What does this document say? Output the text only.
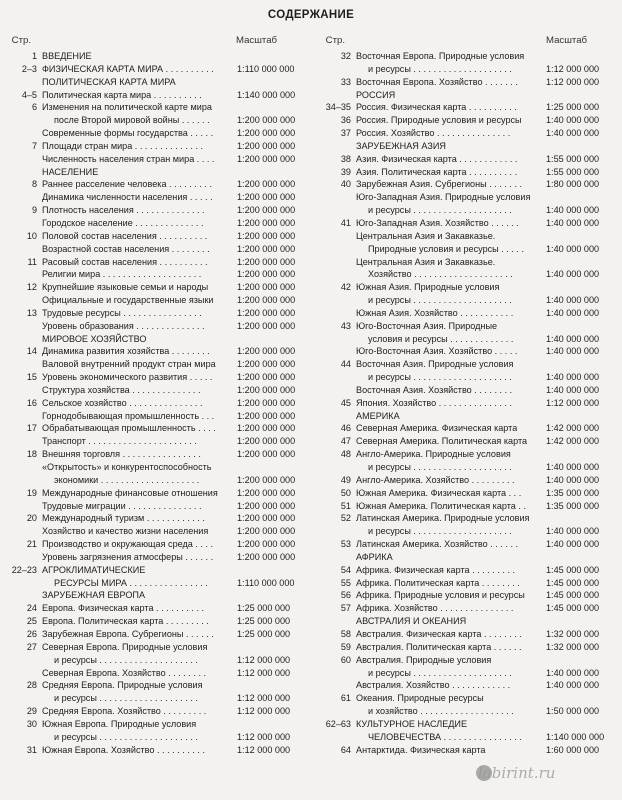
СОДЕРЖАНИЕ
Стр.	Масштаб
1 ВВЕДЕНИЕ
2–3 ФИЗИЧЕСКАЯ КАРТА МИРА . . . . . . . . . .	1:110 000 000
ПОЛИТИЧЕСКАЯ КАРТА МИРА
4–5 Политическая карта мира . . . . . . . . . .	1:140 000 000
6 Изменения на политической карте мира
после Второй мировой войны . . . . . .	1:200 000 000
Современные формы государства . . . . .	1:200 000 000
7 Площади стран мира . . . . . . . . . . . . . .	1:200 000 000
Численность населения стран мира . . . . 1:200 000 000
НАСЕЛЕНИЕ
8 Раннее расселение человека . . . . . . . . .	1:200 000 000
Динамика численности населения . . . . .	1:200 000 000
9 Плотность населения . . . . . . . . . . . . . .	1:200 000 000
Городское население . . . . . . . . . . . . . .	1:200 000 000
10 Половой состав населения . . . . . . . . . .	1:200 000 000
Возрастной состав населения . . . . . . . .	1:200 000 000
11 Расовый состав населения . . . . . . . . . .	1:200 000 000
Религии мира . . . . . . . . . . . . . . . . . . . .	1:200 000 000
12 Крупнейшие языковые семьи и народы	1:200 000 000
Официальные и государственные языки	1:200 000 000
13 Трудовые ресурсы . . . . . . . . . . . . . . . .	1:200 000 000
Уровень образования . . . . . . . . . . . . . .	1:200 000 000
МИРОВОЕ ХОЗЯЙСТВО
14 Динамика развития хозяйства . . . . . . . .	1:200 000 000
Валовой внутренний продукт стран мира 1:200 000 000
15 Уровень экономического развития . . . . .	1:200 000 000
Структура хозяйства . . . . . . . . . . . . . .	1:200 000 000
16 Сельское хозяйство . . . . . . . . . . . . . . .	1:200 000 000
Горнодобывающая промышленность . . .	1:200 000 000
17 Обрабатывающая промышленность . . . . 1:200 000 000
Транспорт . . . . . . . . . . . . . . . . . . . . . .	1:200 000 000
18 Внешняя торговля . . . . . . . . . . . . . . . .	1:200 000 000
«Открытость» и конкурентоспособность
экономики . . . . . . . . . . . . . . . . . . . .	1:200 000 000
19 Международные финансовые отношения 1:200 000 000
Трудовые миграции . . . . . . . . . . . . . . .	1:200 000 000
20 Международный туризм . . . . . . . . . . . .	1:200 000 000
Хозяйство и качество жизни населения	1:200 000 000
21 Производство и окружающая среда . . . .	1:200 000 000
Уровень загрязнения атмосферы . . . . . .	1:200 000 000
22–23 АГРОКЛИМАТИЧЕСКИЕ
РЕСУРСЫ МИРА . . . . . . . . . . . . . . . .	1:110 000 000
ЗАРУБЕЖНАЯ ЕВРОПА
24 Европа. Физическая карта . . . . . . . . . .	1:25 000 000
25 Европа. Политическая карта . . . . . . . . .	1:25 000 000
26 Зарубежная Европа. Субрегионы . . . . . .	1:25 000 000
27 Северная Европа. Природные условия
и ресурсы . . . . . . . . . . . . . . . . . . . .	1:12 000 000
Северная Европа. Хозяйство . . . . . . . .	1:12 000 000
28 Средняя Европа. Природные условия
и ресурсы . . . . . . . . . . . . . . . . . . . .	1:12 000 000
29 Средняя Европа. Хозяйство . . . . . . . . .	1:12 000 000
30 Южная Европа. Природные условия
и ресурсы . . . . . . . . . . . . . . . . . . . .	1:12 000 000
31 Южная Европа. Хозяйство . . . . . . . . . .	1:12 000 000
Стр.	Масштаб
32 Восточная Европа. Природные условия
и ресурсы . . . . . . . . . . . . . . . . . . . .	1:12 000 000
33 Восточная Европа. Хозяйство . . . . . . .	1:12 000 000
РОССИЯ
34–35 Россия. Физическая карта . . . . . . . . . .	1:25 000 000
36 Россия. Природные условия и ресурсы	1:40 000 000
37 Россия. Хозяйство . . . . . . . . . . . . . . .	1:40 000 000
ЗАРУБЕЖНАЯ АЗИЯ
38 Азия. Физическая карта . . . . . . . . . . . .	1:55 000 000
39 Азия. Политическая карта . . . . . . . . . .	1:55 000 000
40 Зарубежная Азия. Субрегионы . . . . . . .	1:80 000 000
Юго-Западная Азия. Природные условия
и ресурсы . . . . . . . . . . . . . . . . . . . .	1:40 000 000
41 Юго-Западная Азия. Хозяйство . . . . . .	1:40 000 000
Центральная Азия и Закавказье.
Природные условия и ресурсы . . . . . 1:40 000 000
Центральная Азия и Закавказье.
Хозяйство . . . . . . . . . . . . . . . . . . . .	1:40 000 000
42 Южная Азия. Природные условия
и ресурсы . . . . . . . . . . . . . . . . . . . .	1:40 000 000
Южная Азия. Хозяйство . . . . . . . . . . .	1:40 000 000
43 Юго-Восточная Азия. Природные
условия и ресурсы . . . . . . . . . . . . .	1:40 000 000
Юго-Восточная Азия. Хозяйство . . . . .	1:40 000 000
44 Восточная Азия. Природные условия
и ресурсы . . . . . . . . . . . . . . . . . . . .	1:40 000 000
Восточная Азия. Хозяйство . . . . . . . .	1:40 000 000
45 Япония. Хозяйство . . . . . . . . . . . . . . .	1:12 000 000
АМЕРИКА
46 Северная Америка. Физическая карта	1:42 000 000
47 Северная Америка. Политическая карта 1:42 000 000
48 Англо-Америка. Природные условия
и ресурсы . . . . . . . . . . . . . . . . . . . .	1:40 000 000
49 Англо-Америка. Хозяйство . . . . . . . . .	1:40 000 000
50 Южная Америка. Физическая карта . . .	1:35 000 000
51 Южная Америка. Политическая карта . . 1:35 000 000
52 Латинская Америка. Природные условия
и ресурсы . . . . . . . . . . . . . . . . . . . .	1:40 000 000
53 Латинская Америка. Хозяйство . . . . . .	1:40 000 000
АФРИКА
54 Африка. Физическая карта . . . . . . . . .	1:45 000 000
55 Африка. Политическая карта . . . . . . . .	1:45 000 000
56 Африка. Природные условия и ресурсы 1:45 000 000
57 Африка. Хозяйство . . . . . . . . . . . . . . .	1:45 000 000
АВСТРАЛИЯ И ОКЕАНИЯ
58 Австралия. Физическая карта . . . . . . . .	1:32 000 000
59 Австралия. Политическая карта . . . . . .	1:32 000 000
60 Австралия. Природные условия
и ресурсы . . . . . . . . . . . . . . . . . . . .	1:40 000 000
Австралия. Хозяйство . . . . . . . . . . . .	1:40 000 000
61 Океания. Природные ресурсы
и хозяйство . . . . . . . . . . . . . . . . . . .	1:50 000 000
62–63 КУЛЬТУРНОЕ НАСЛЕДИЕ
ЧЕЛОВЕЧЕСТВА . . . . . . . . . . . . . . . .	1:140 000 000
64 Антарктида. Физическая карта	1:60 000 000
labirint.ru
